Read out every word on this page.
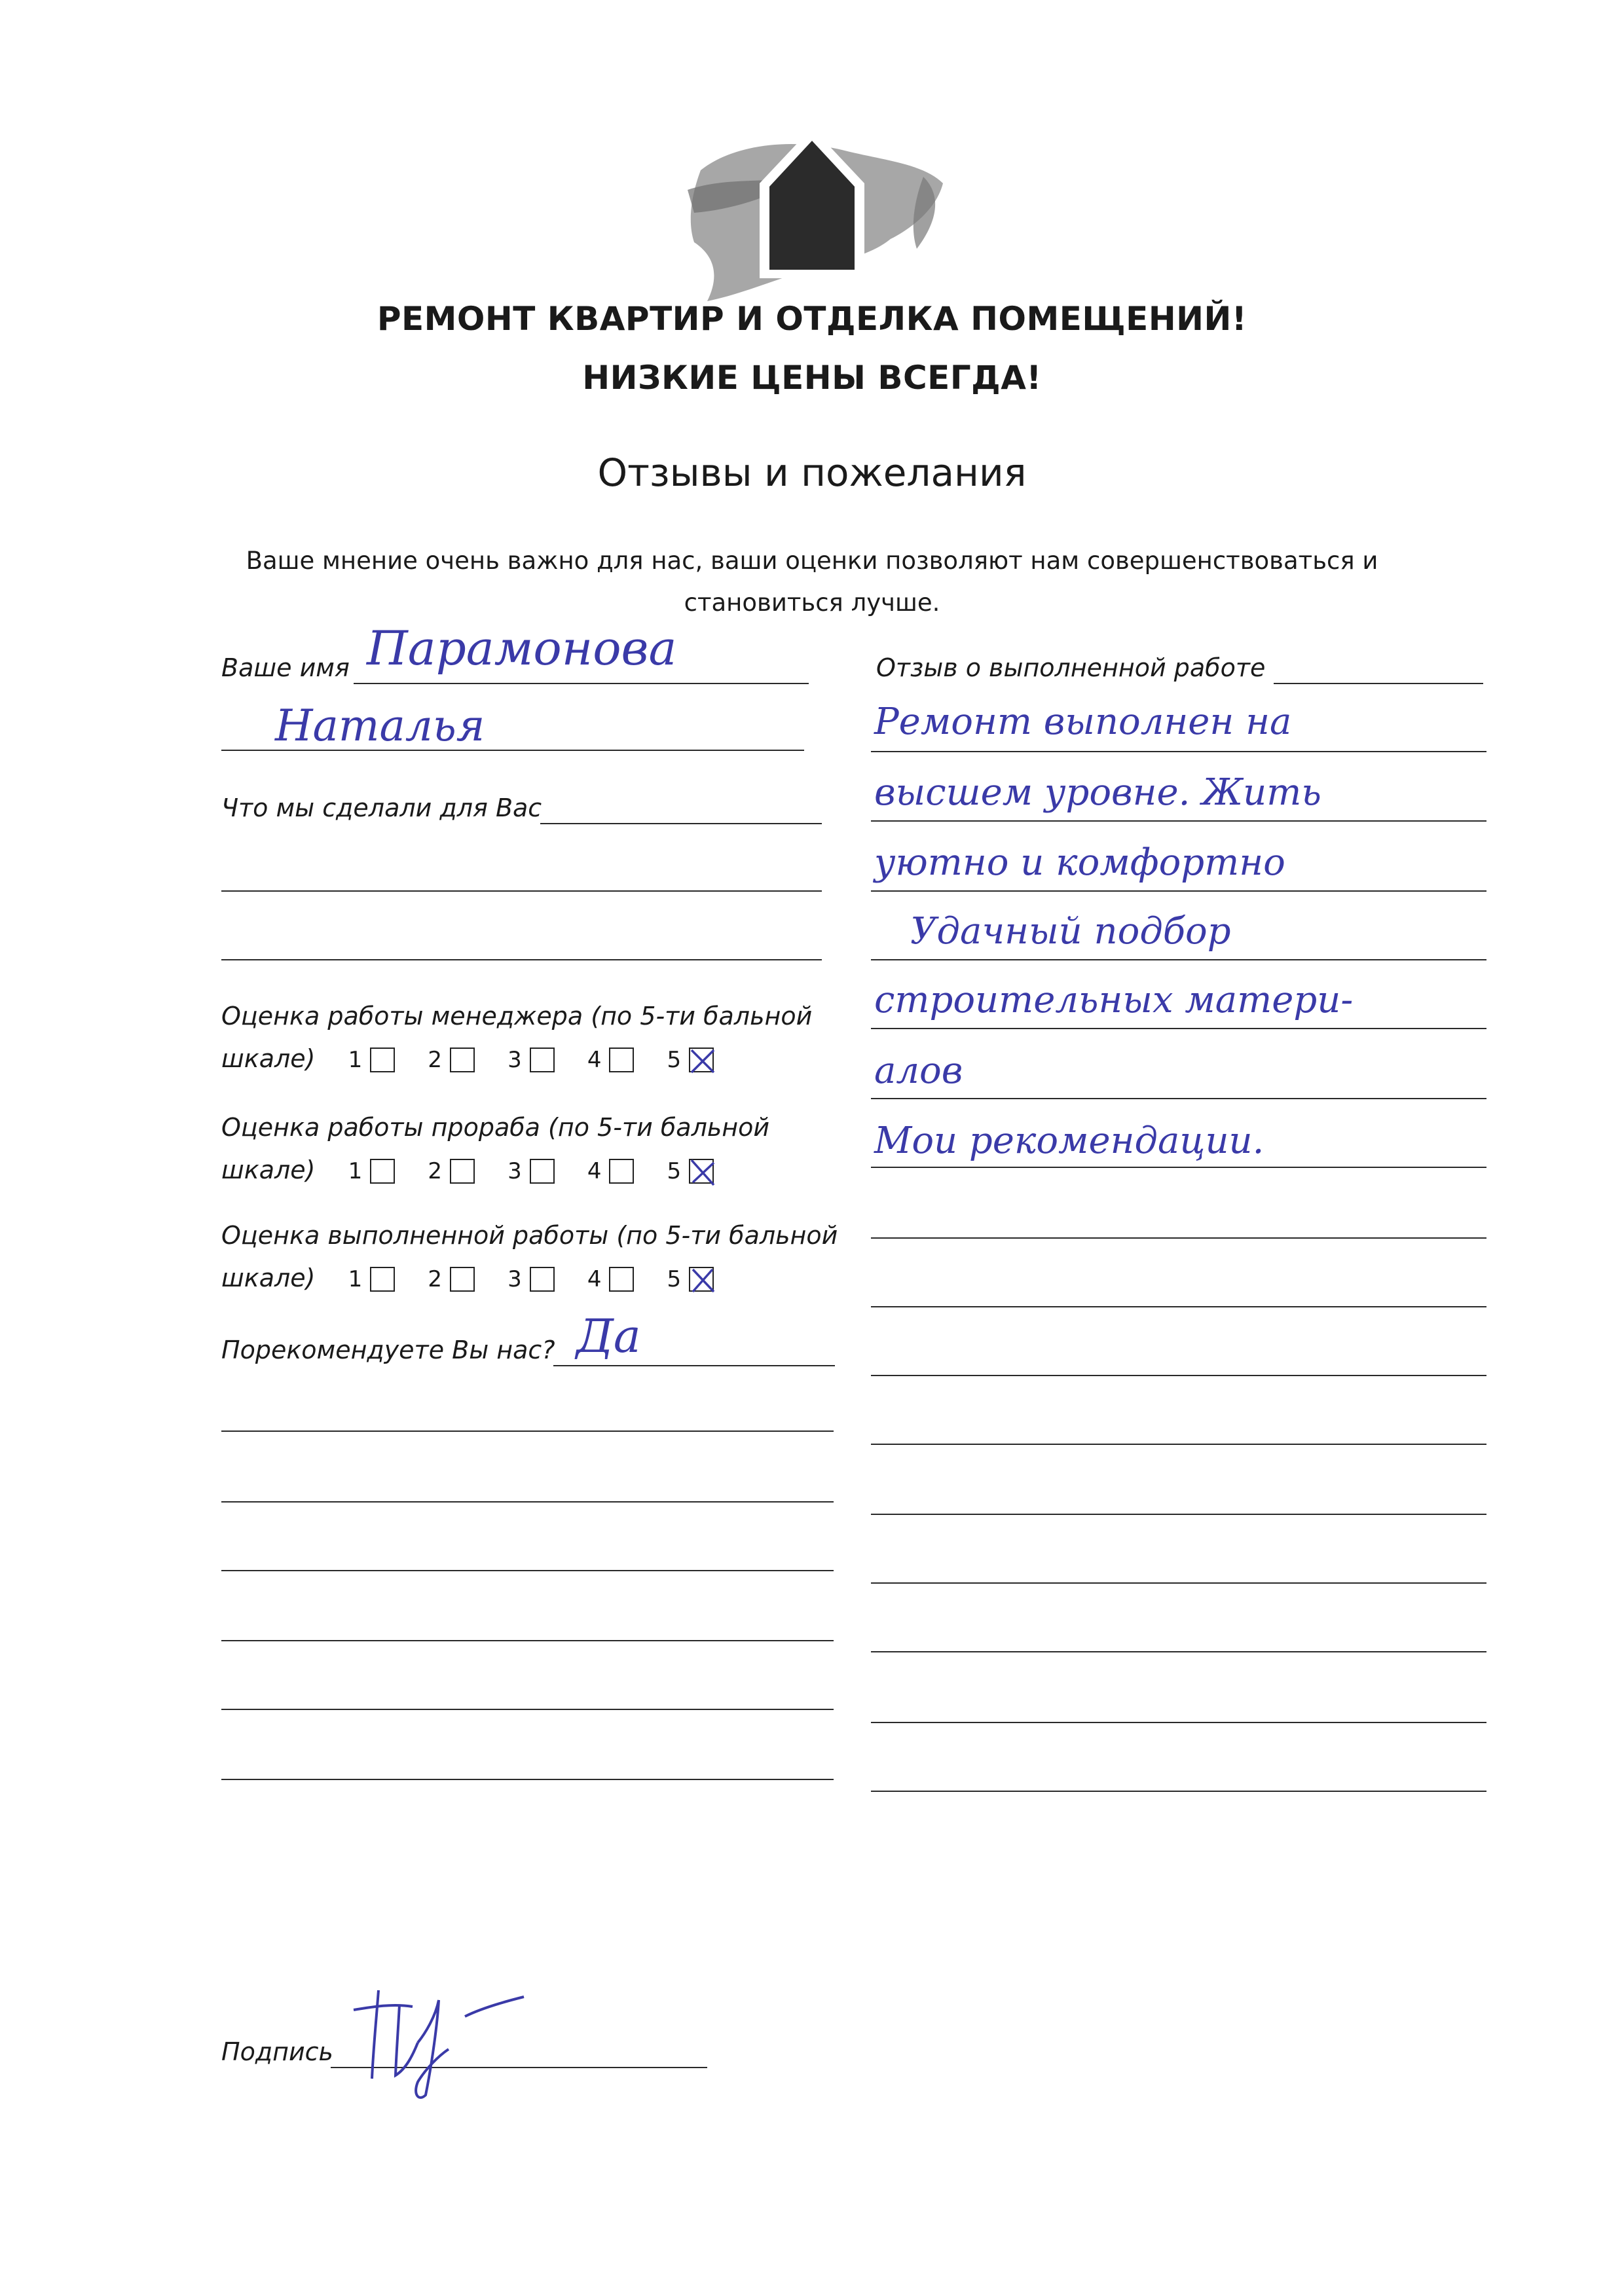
РЕМОНТ КВАРТИР И ОТДЕЛКА ПОМЕЩЕНИЙ!
НИЗКИЕ ЦЕНЫ ВСЕГДА!
Отзывы и пожелания
Ваше мнение очень важно для нас, ваши оценки позволяют нам совершенствоваться и
становиться лучше.
Ваше имя Парамонова
Наталья
Что мы сделали для Вас
Оценка работы менеджера (по 5-ти бальной
шкале) 1
	2
	3
	4
	5
Оценка работы прораба (по 5-ти бальной
шкале) 1
	2
	3
	4
	5
Оценка выполненной работы (по 5-ти бальной
шкале) 1
	2
	3
	4
	5
Порекомендуете Вы нас? Да
Отзыв о выполненной работе
Ремонт выполнен на
высшем уровне. Жить
уютно и комфортно
Удачный подбор
строительных матери-
алов
Мои рекомендации.
Подпись
